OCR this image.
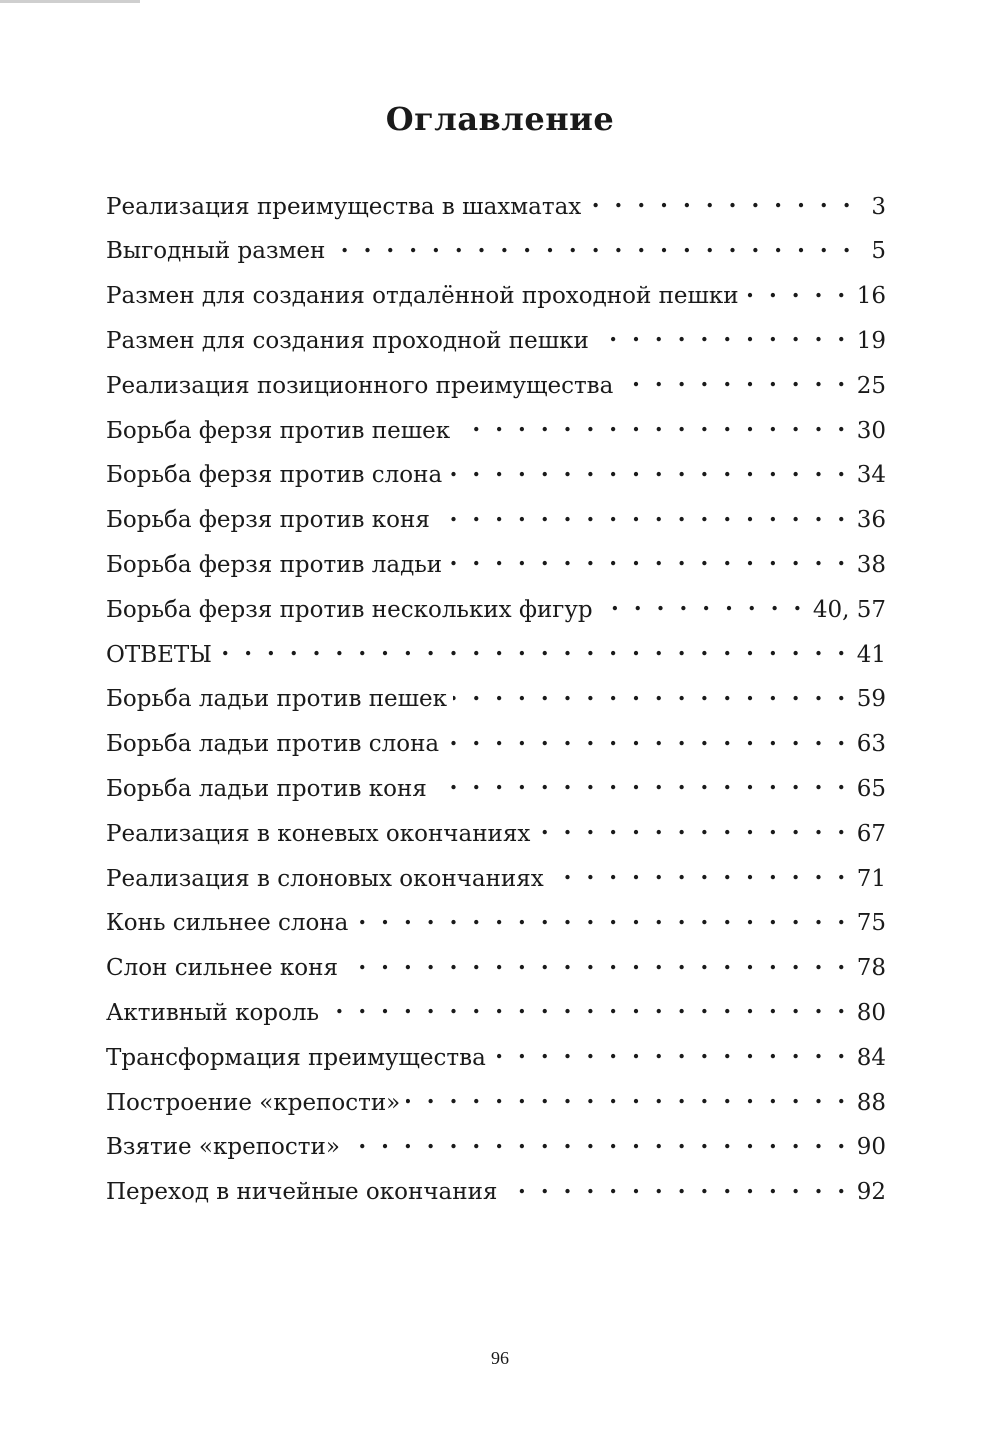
Оглавление
Реализация преимущества в шахматах . . .	3
Выгодный размен . . .	5
Размен для создания отдалённой проходной пешки . . .	16
Размен для создания проходной пешки . . .	19
Реализация позиционного преимущества . . .	25
Борьба ферзя против пешек . . .	30
Борьба ферзя против слона . . .	34
Борьба ферзя против коня . . .	36
Борьба ферзя против ладьи . . .	38
Борьба ферзя против нескольких фигур . . .	40, 57
ОТВЕТЫ . . .	41
Борьба ладьи против пешек . . .	59
Борьба ладьи против слона . . .	63
Борьба ладьи против коня . . .	65
Реализация в коневых окончаниях . . .	67
Реализация в слоновых окончаниях . . .	71
Конь сильнее слона . . .	75
Слон сильнее коня . . .	78
Активный король . . .	80
Трансформация преимущества . . .	84
Построение «крепости» . . .	88
Взятие «крепости» . . .	90
Переход в ничейные окончания . . .	92
96
